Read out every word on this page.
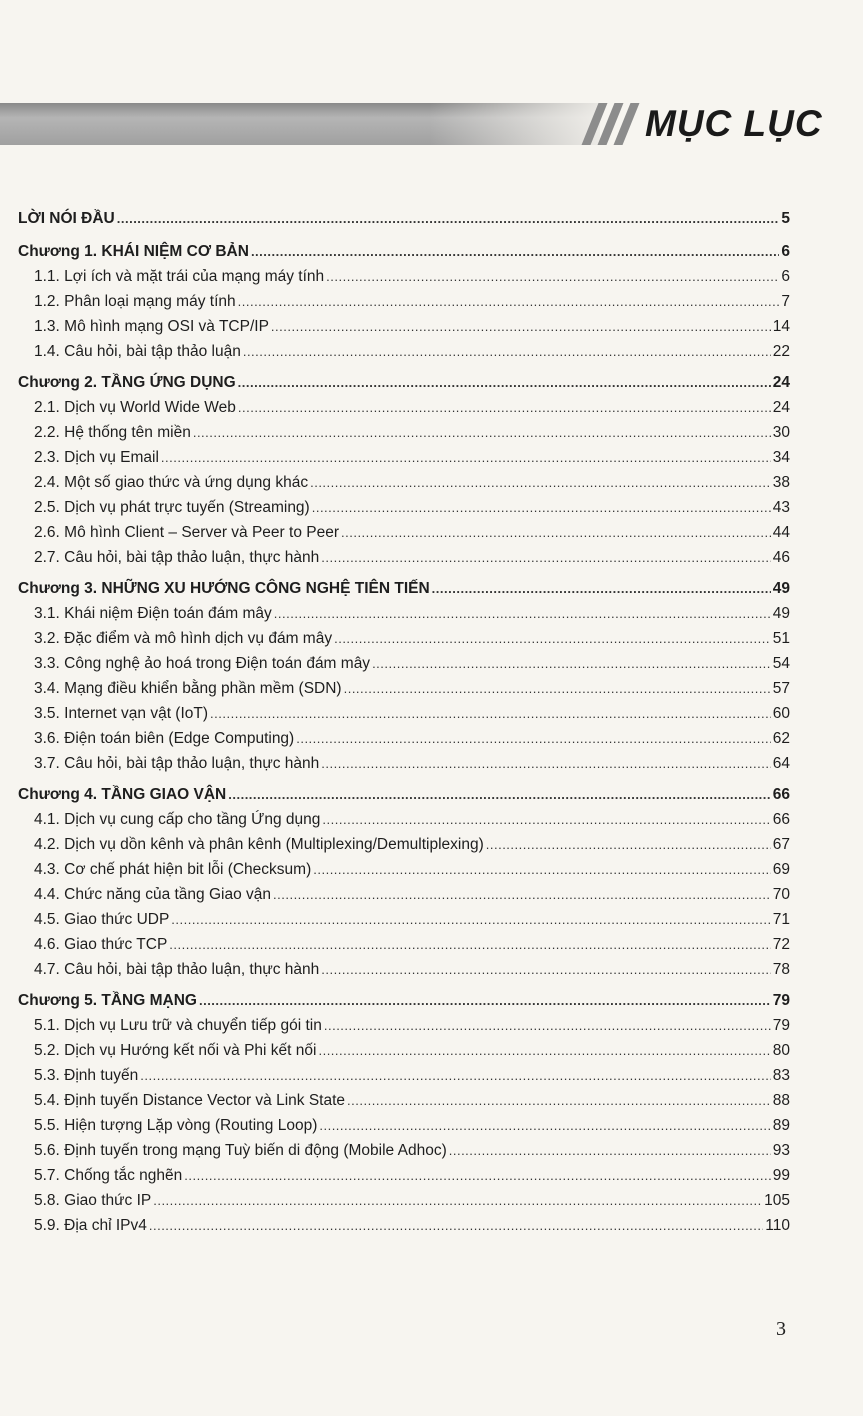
MỤC LỤC
LỜI NÓI ĐẦU .....	5
Chương 1. KHÁI NIỆM CƠ BẢN .....	6
1.1. Lợi ích và mặt trái của mạng máy tính .....	6
1.2. Phân loại mạng máy tính .....	7
1.3. Mô hình mạng OSI và TCP/IP .....	14
1.4. Câu hỏi, bài tập thảo luận .....	22
Chương 2. TẦNG ỨNG DỤNG .....	24
2.1. Dịch vụ World Wide Web .....	24
2.2. Hệ thống tên miền .....	30
2.3. Dịch vụ Email .....	34
2.4. Một số giao thức và ứng dụng khác .....	38
2.5. Dịch vụ phát trực tuyến (Streaming) .....	43
2.6. Mô hình Client – Server và Peer to Peer .....	44
2.7. Câu hỏi, bài tập thảo luận, thực hành .....	46
Chương 3. NHỮNG XU HƯỚNG CÔNG NGHỆ TIÊN TIẾN .....	49
3.1. Khái niệm Điện toán đám mây .....	49
3.2. Đặc điểm và mô hình dịch vụ đám mây .....	51
3.3. Công nghệ ảo hoá trong Điện toán đám mây .....	54
3.4. Mạng điều khiển bằng phần mềm (SDN) .....	57
3.5. Internet vạn vật (IoT) .....	60
3.6. Điện toán biên (Edge Computing) .....	62
3.7. Câu hỏi, bài tập thảo luận, thực hành .....	64
Chương 4. TẦNG GIAO VẬN .....	66
4.1. Dịch vụ cung cấp cho tầng Ứng dụng .....	66
4.2. Dịch vụ dồn kênh và phân kênh (Multiplexing/Demultiplexing) .....	67
4.3. Cơ chế phát hiện bit lỗi (Checksum) .....	69
4.4. Chức năng của tầng Giao vận .....	70
4.5. Giao thức UDP .....	71
4.6. Giao thức TCP .....	72
4.7. Câu hỏi, bài tập thảo luận, thực hành .....	78
Chương 5. TẦNG MẠNG .....	79
5.1. Dịch vụ Lưu trữ và chuyển tiếp gói tin .....	79
5.2. Dịch vụ Hướng kết nối và Phi kết nối .....	80
5.3. Định tuyến .....	83
5.4. Định tuyến Distance Vector và Link State .....	88
5.5. Hiện tượng Lặp vòng (Routing Loop) .....	89
5.6. Định tuyến trong mạng Tuỳ biến di động (Mobile Adhoc) .....	93
5.7. Chống tắc nghẽn .....	99
5.8. Giao thức IP .....	105
5.9. Địa chỉ IPv4 .....	110
3
